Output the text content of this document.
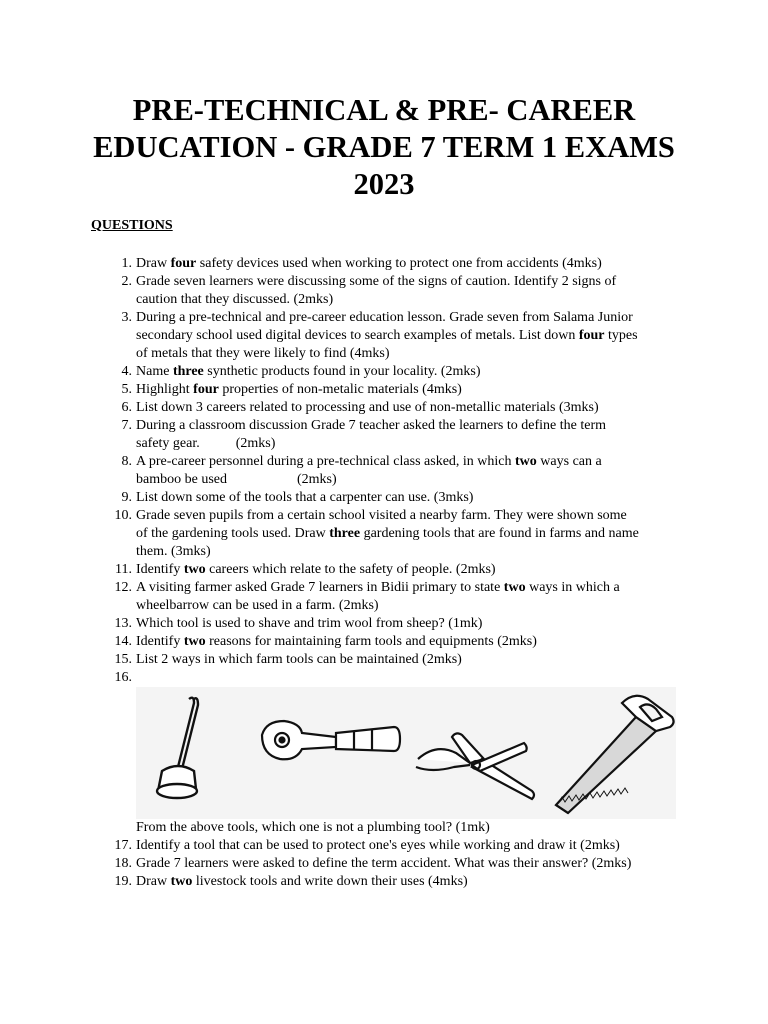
PRE-TECHNICAL & PRE- CAREER
EDUCATION - GRADE 7 TERM 1 EXAMS
2023
QUESTIONS
1. Draw four safety devices used when working to protect one from accidents (4mks)
2. Grade seven learners were discussing some of the signs of caution. Identify 2 signs of
caution that they discussed. (2mks)
3. During a pre-technical and pre-career education lesson. Grade seven from Salama Junior
secondary school used digital devices to search examples of metals. List down four types
of metals that they were likely to find (4mks)
4. Name three synthetic products found in your locality. (2mks)
5. Highlight four properties of non-metalic materials (4mks)
6. List down 3 careers related to processing and use of non-metallic materials (3mks)
7. During a classroom discussion Grade 7 teacher asked the learners to define the term
safety gear.	(2mks)
8. A pre-career personnel during a pre-technical class asked, in which two ways can a
bamboo be used	(2mks)
9. List down some of the tools that a carpenter can use. (3mks)
10. Grade seven pupils from a certain school visited a nearby farm. They were shown some
of the gardening tools used. Draw three gardening tools that are found in farms and name
them. (3mks)
11. Identify two careers which relate to the safety of people. (2mks)
12. A visiting farmer asked Grade 7 learners in Bidii primary to state two ways in which a
wheelbarrow can be used in a farm. (2mks)
13. Which tool is used to shave and trim wool from sheep? (1mk)
14. Identify two reasons for maintaining farm tools and equipments (2mks)
15. List 2 ways in which farm tools can be maintained (2mks)
16.

From the above tools, which one is not a plumbing tool? (1mk)
17. Identify a tool that can be used to protect one's eyes while working and draw it (2mks)
18. Grade 7 learners were asked to define the term accident. What was their answer? (2mks)
19. Draw two livestock tools and write down their uses (4mks)
